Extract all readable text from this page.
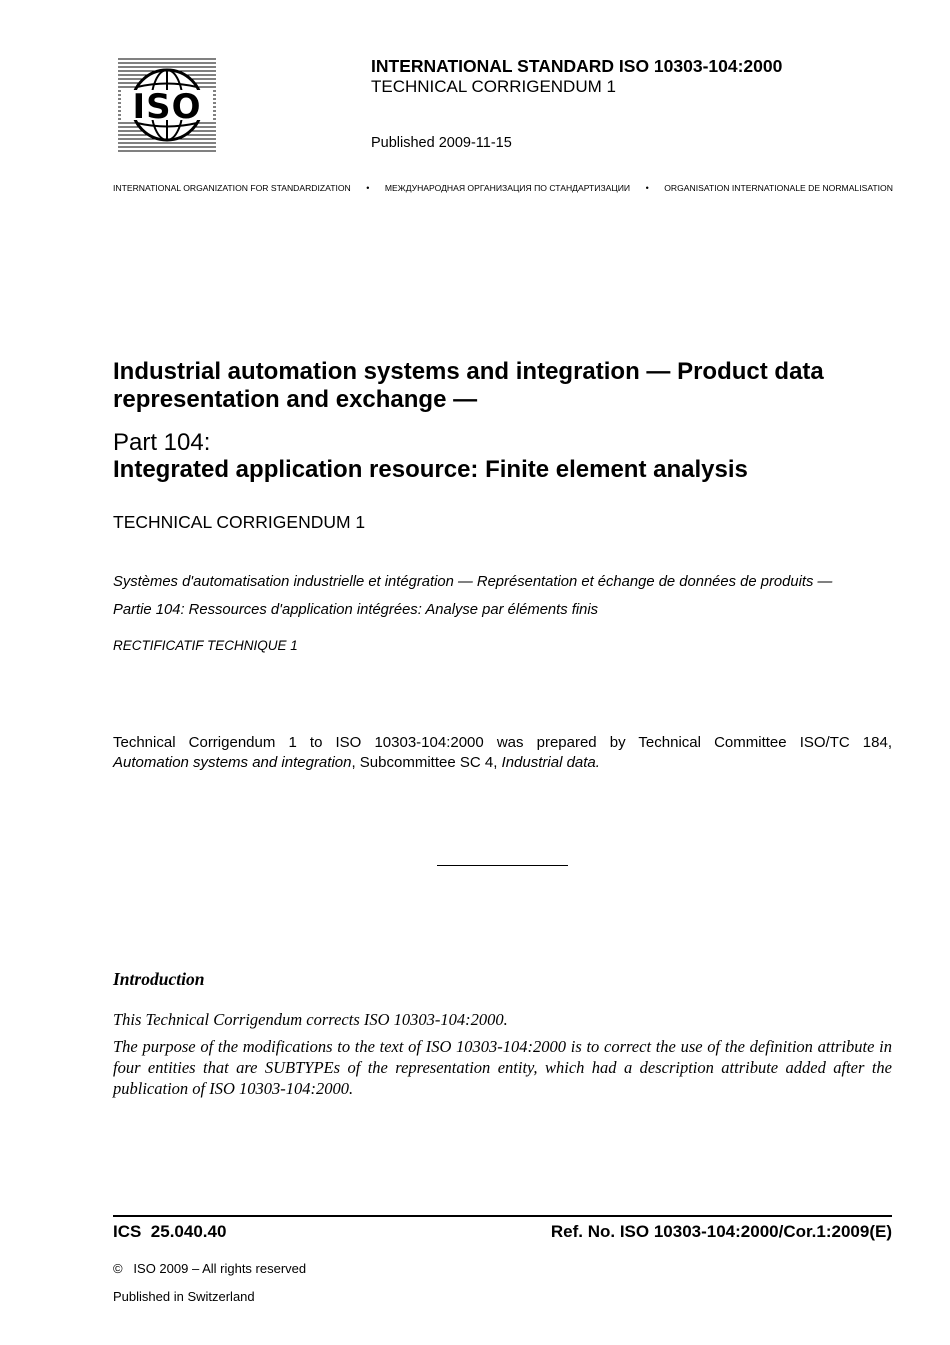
ISO
INTERNATIONAL STANDARD ISO 10303-104:2000
TECHNICAL CORRIGENDUM 1
Published 2009-11-15
INTERNATIONAL ORGANIZATION FOR STANDARDIZATION • МЕЖДУНАРОДНАЯ ОРГАНИЗАЦИЯ ПО СТАНДАРТИЗАЦИИ • ORGANISATION INTERNATIONALE DE NORMALISATION
Industrial automation systems and integration — Product data representation and exchange —
Part 104:
Integrated application resource: Finite element analysis
TECHNICAL CORRIGENDUM 1
Systèmes d'automatisation industrielle et intégration — Représentation et échange de données de produits —
Partie 104: Ressources d'application intégrées: Analyse par éléments finis
RECTIFICATIF TECHNIQUE 1
Technical Corrigendum 1 to ISO 10303-104:2000 was prepared by Technical Committee ISO/TC 184,
Automation systems and integration, Subcommittee SC 4, Industrial data.
Introduction
This Technical Corrigendum corrects ISO 10303-104:2000.
The purpose of the modifications to the text of ISO 10303-104:2000 is to correct the use of the definition attribute in four entities that are SUBTYPEs of the representation entity, which had a description attribute added after the publication of ISO 10303-104:2000.
ICS  25.040.40	Ref. No. ISO 10303-104:2000/Cor.1:2009(E)
©   ISO 2009 – All rights reserved
Published in Switzerland
